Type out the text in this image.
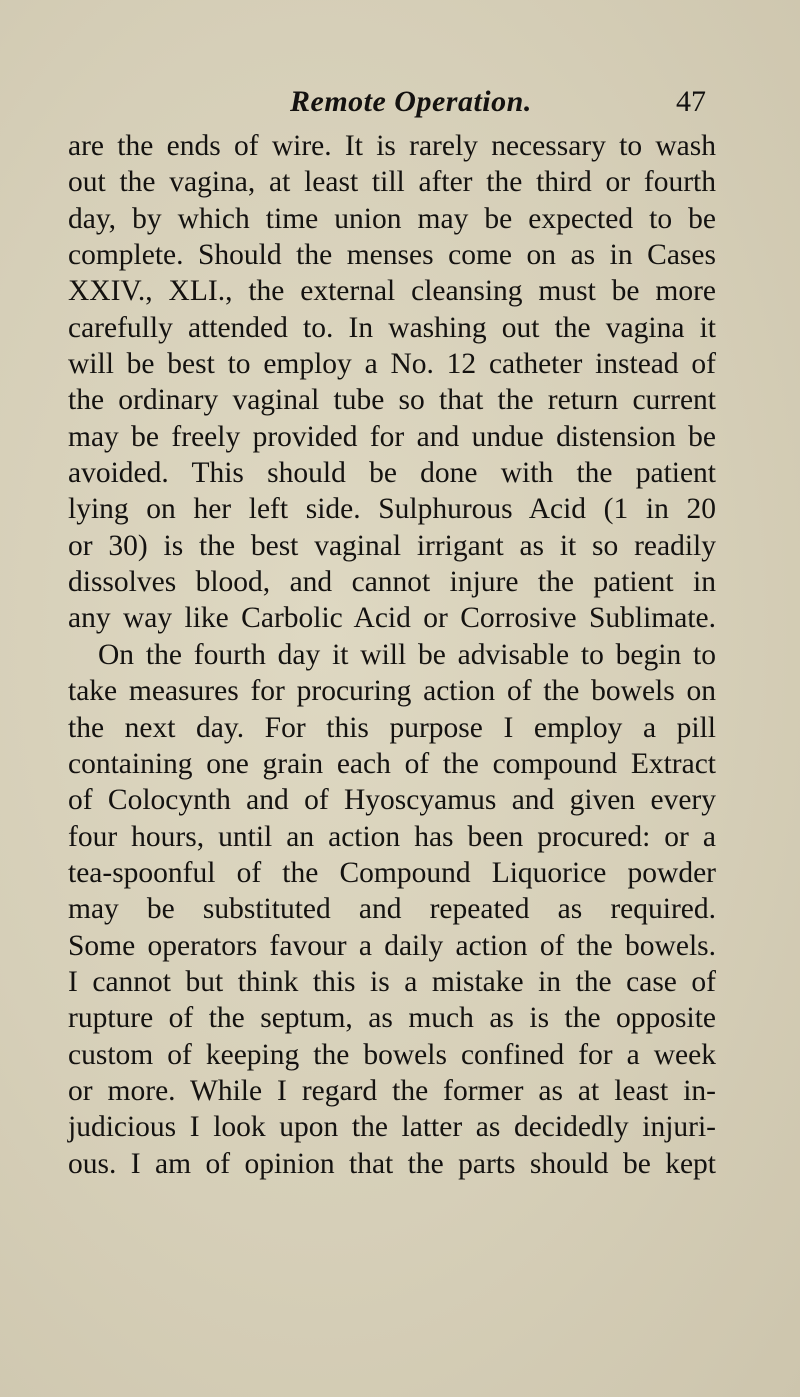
Remote Operation.	47
are the ends of wire. It is rarely necessary to wash
out the vagina, at least till after the third or fourth
day, by which time union may be expected to be
complete. Should the menses come on as in Cases
XXIV., XLI., the external cleansing must be more
carefully attended to. In washing out the vagina it
will be best to employ a No. 12 catheter instead of
the ordinary vaginal tube so that the return current
may be freely provided for and undue distension be
avoided. This should be done with the patient
lying on her left side. Sulphurous Acid (1 in 20
or 30) is the best vaginal irrigant as it so readily
dissolves blood, and cannot injure the patient in
any way like Carbolic Acid or Corrosive Sublimate.
On the fourth day it will be advisable to begin to
take measures for procuring action of the bowels on
the next day. For this purpose I employ a pill
containing one grain each of the compound Extract
of Colocynth and of Hyoscyamus and given every
four hours, until an action has been procured: or a
tea-spoonful of the Compound Liquorice powder
may be substituted and repeated as required.
Some operators favour a daily action of the bowels.
I cannot but think this is a mistake in the case of
rupture of the septum, as much as is the opposite
custom of keeping the bowels confined for a week
or more. While I regard the former as at least in-
judicious I look upon the latter as decidedly injuri-
ous. I am of opinion that the parts should be kept
